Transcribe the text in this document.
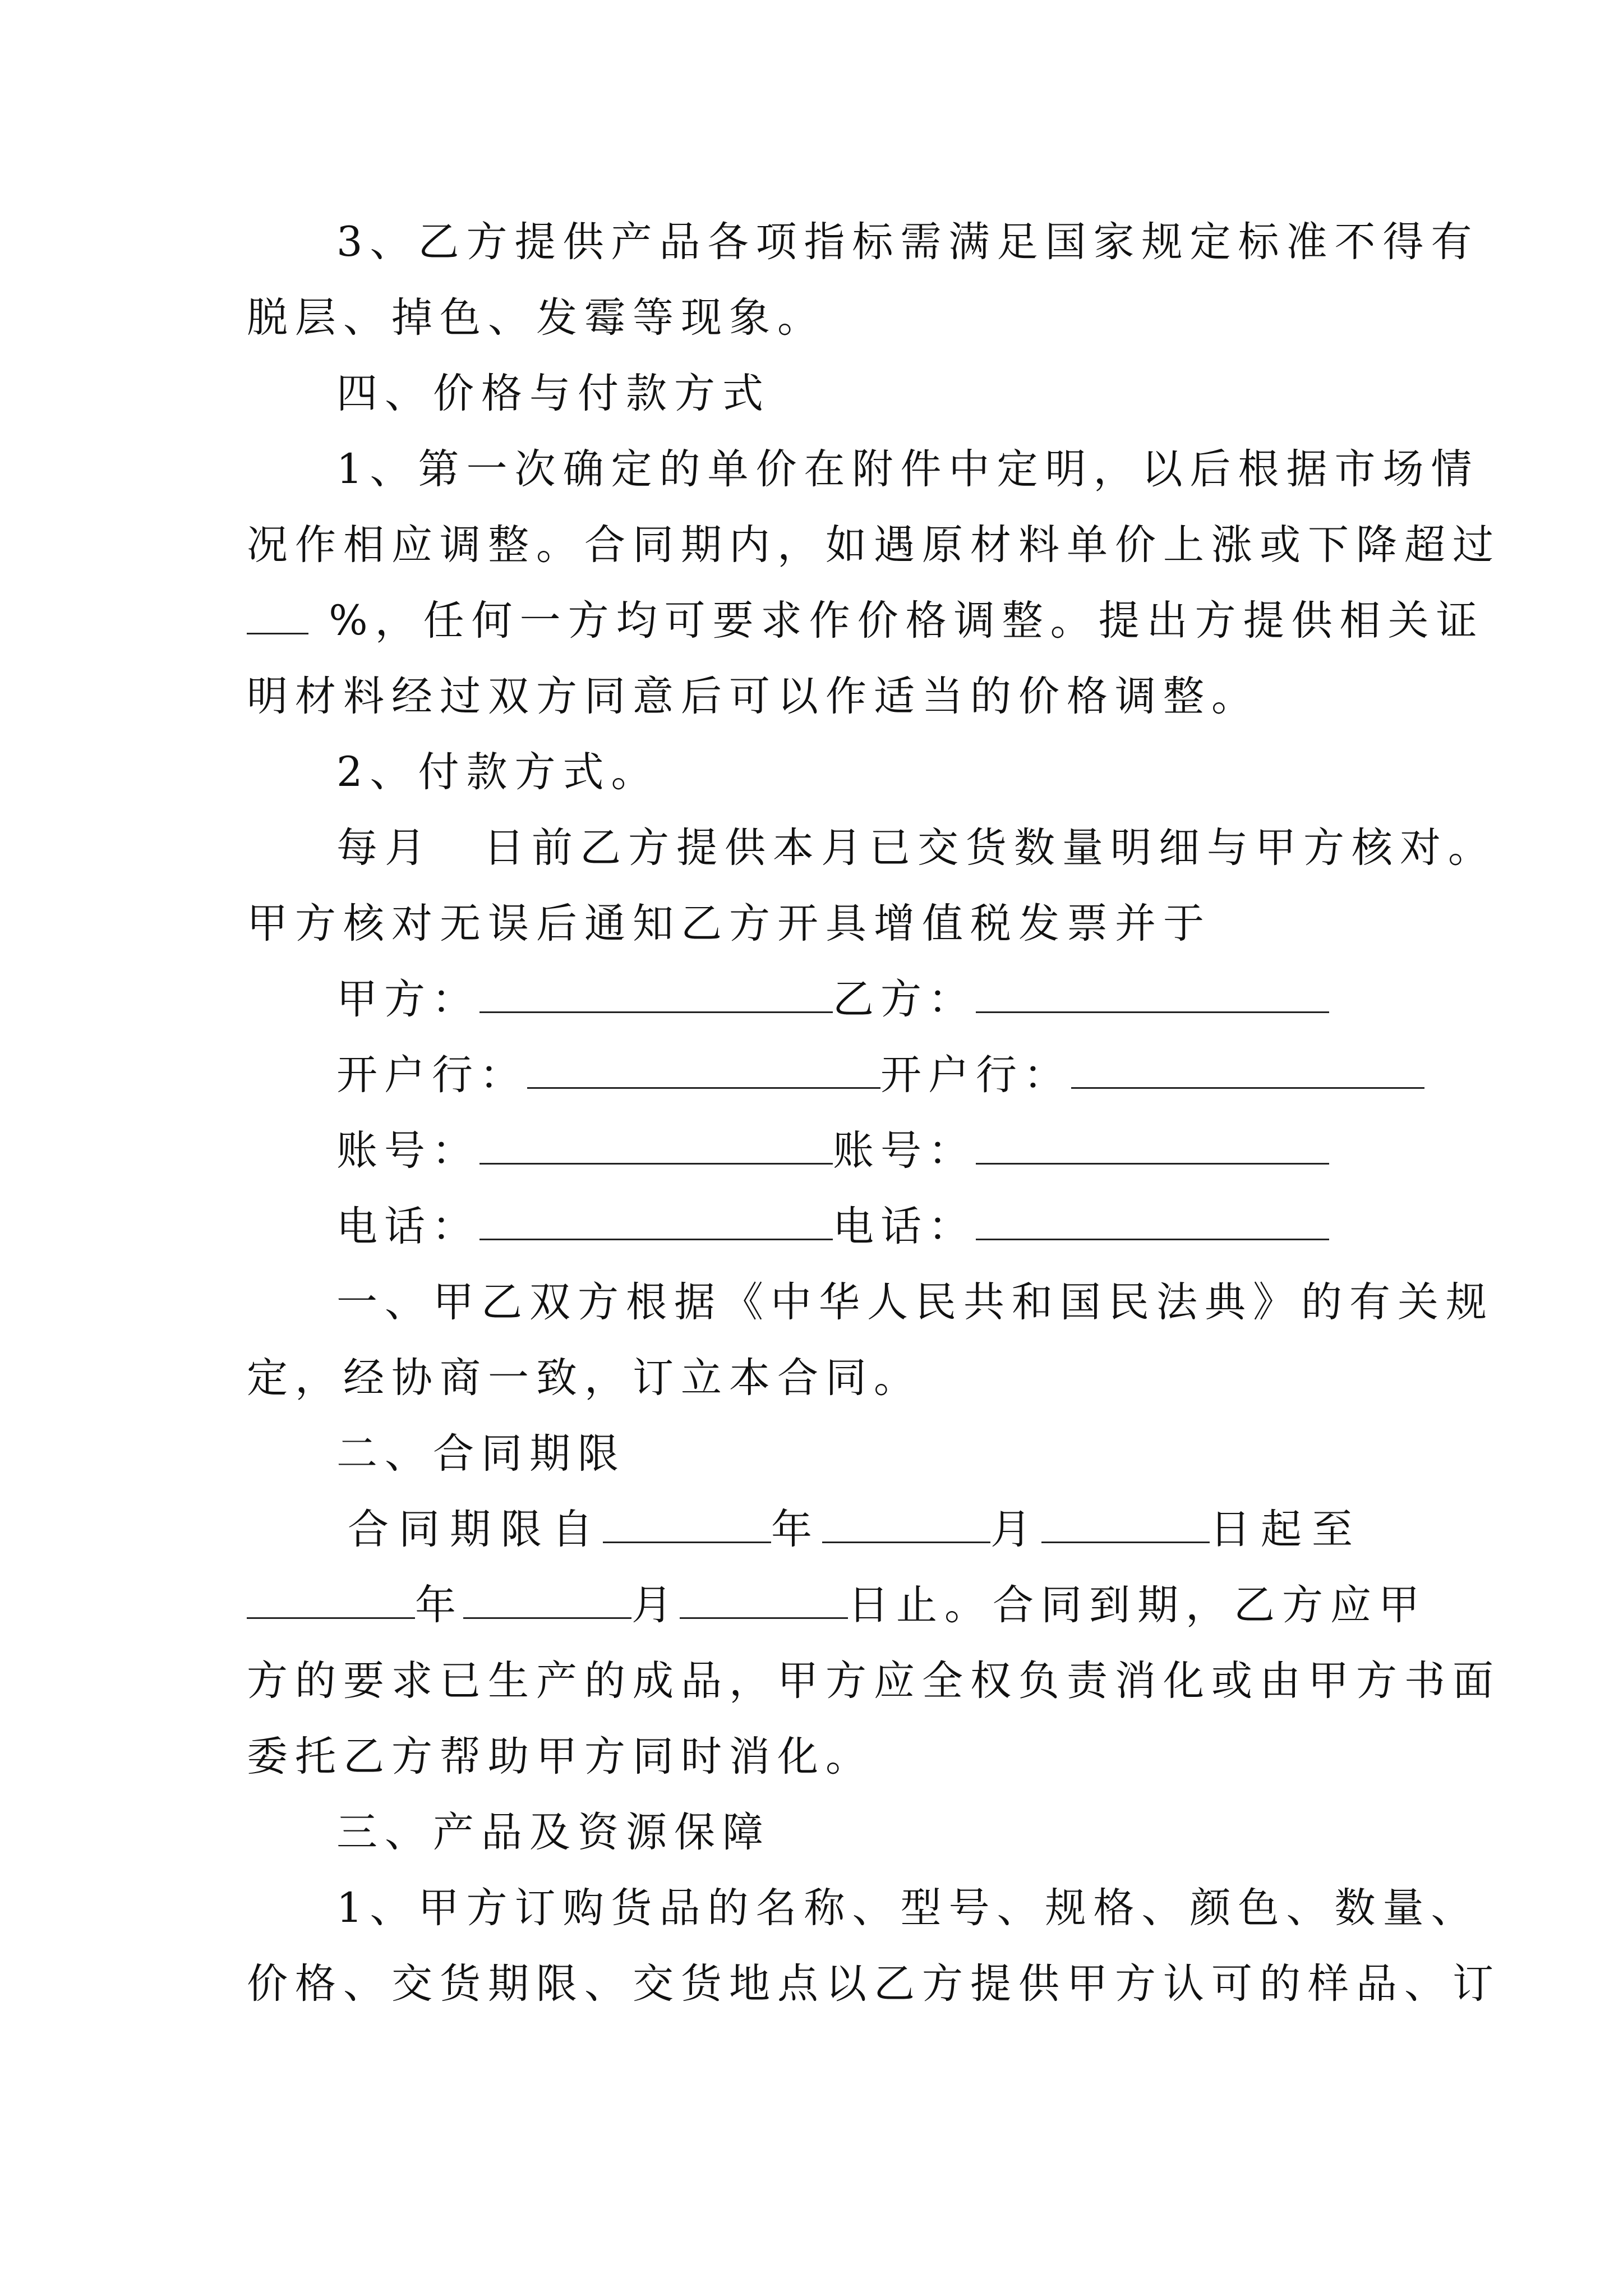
3、乙方提供产品各项指标需满足国家规定标准不得有
脱层、掉色、发霉等现象。
四、价格与付款方式
1、第一次确定的单价在附件中定明，以后根据市场情
况作相应调整。合同期内，如遇原材料单价上涨或下降超过
%，任何一方均可要求作价格调整。提出方提供相关证
明材料经过双方同意后可以作适当的价格调整。
2、付款方式。
每月 日前乙方提供本月已交货数量明细与甲方核对。
甲方核对无误后通知乙方开具增值税发票并于
甲方：	乙方：
开户行：	开户行：
账号：	账号：
电话：	电话：
一、甲乙双方根据《中华人民共和国民法典》的有关规
定，经协商一致，订立本合同。
二、合同期限
合同期限自	年	月	日起至
年	月	日止。合同到期，乙方应甲
方的要求已生产的成品，甲方应全权负责消化或由甲方书面
委托乙方帮助甲方同时消化。
三、产品及资源保障
1、甲方订购货品的名称、型号、规格、颜色、数量、
价格、交货期限、交货地点以乙方提供甲方认可的样品、订
